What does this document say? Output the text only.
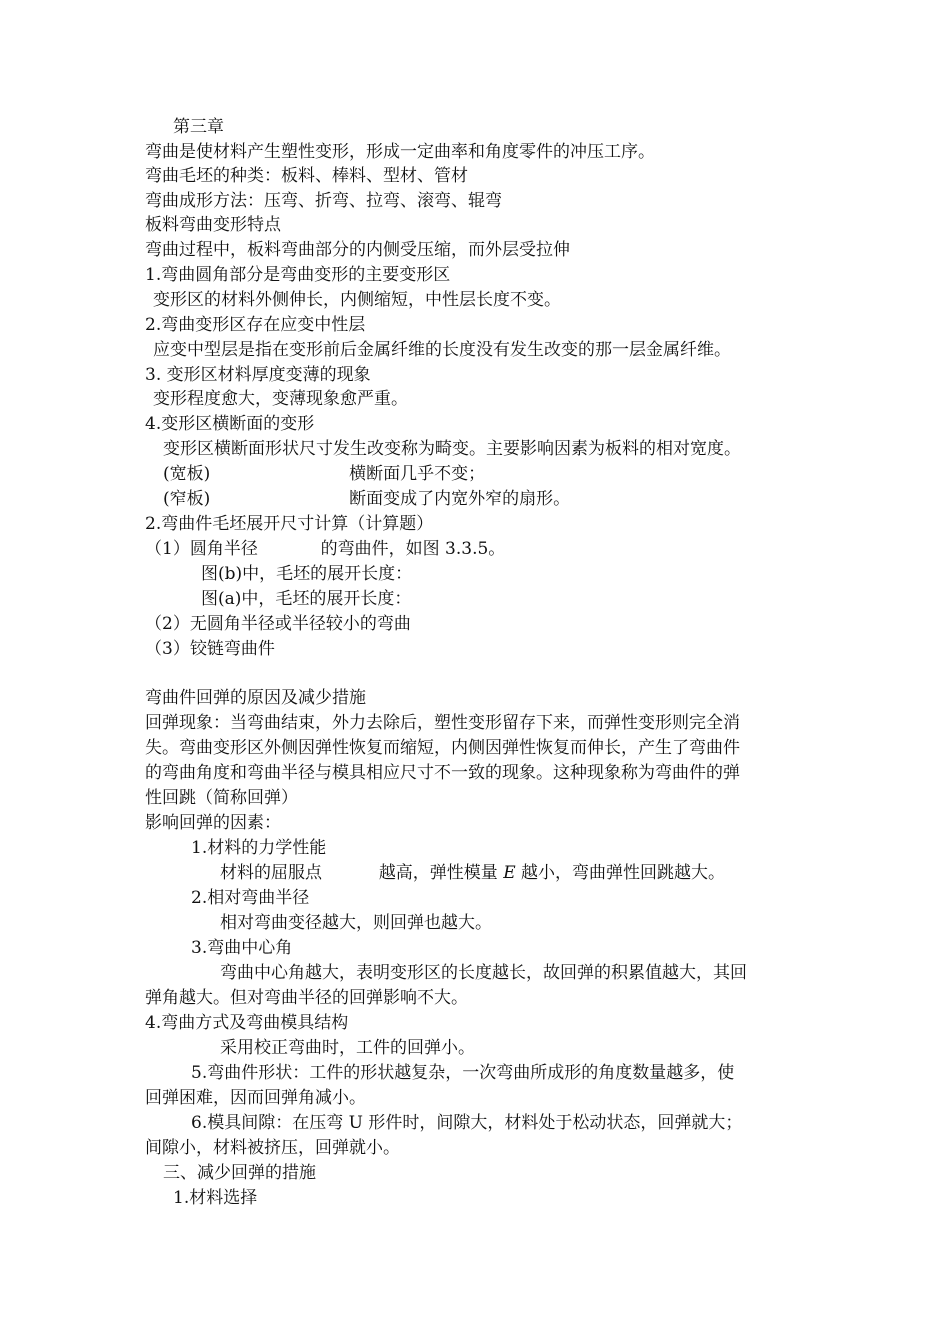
第三章
弯曲是使材料产生塑性变形，形成一定曲率和角度零件的冲压工序。
弯曲毛坯的种类：板料、棒料、型材、管材
弯曲成形方法：压弯、折弯、拉弯、滚弯、辊弯
板料弯曲变形特点
弯曲过程中，板料弯曲部分的内侧受压缩，而外层受拉伸
1.弯曲圆角部分是弯曲变形的主要变形区
变形区的材料外侧伸长，内侧缩短，中性层长度不变。
2.弯曲变形区存在应变中性层
应变中型层是指在变形前后金属纤维的长度没有发生改变的那一层金属纤维。
3. 变形区材料厚度变薄的现象
变形程度愈大，变薄现象愈严重。
4.变形区横断面的变形
变形区横断面形状尺寸发生改变称为畸变。主要影响因素为板料的相对宽度。
(宽板)	横断面几乎不变；
(窄板)	断面变成了内宽外窄的扇形。
2.弯曲件毛坯展开尺寸计算（计算题）
（1）圆角半径	的弯曲件，如图 3.3.5。
图(b)中，毛坯的展开长度：
图(a)中，毛坯的展开长度：
（2）无圆角半径或半径较小的弯曲
（3）铰链弯曲件
弯曲件回弹的原因及减少措施
回弹现象：当弯曲结束，外力去除后，塑性变形留存下来，而弹性变形则完全消
失。弯曲变形区外侧因弹性恢复而缩短，内侧因弹性恢复而伸长，产生了弯曲件
的弯曲角度和弯曲半径与模具相应尺寸不一致的现象。这种现象称为弯曲件的弹
性回跳（简称回弹）
影响回弹的因素：
1.材料的力学性能
材料的屈服点	越高，弹性模量 E 越小，弯曲弹性回跳越大。
2.相对弯曲半径
相对弯曲变径越大，则回弹也越大。
3.弯曲中心角
弯曲中心角越大，表明变形区的长度越长，故回弹的积累值越大，其回
弹角越大。但对弯曲半径的回弹影响不大。
4.弯曲方式及弯曲模具结构
采用校正弯曲时，工件的回弹小。
5.弯曲件形状：工件的形状越复杂，一次弯曲所成形的角度数量越多，使
回弹困难，因而回弹角减小。
6.模具间隙：在压弯 U 形件时，间隙大，材料处于松动状态，回弹就大；
间隙小，材料被挤压，回弹就小。
三、减少回弹的措施
1.材料选择
